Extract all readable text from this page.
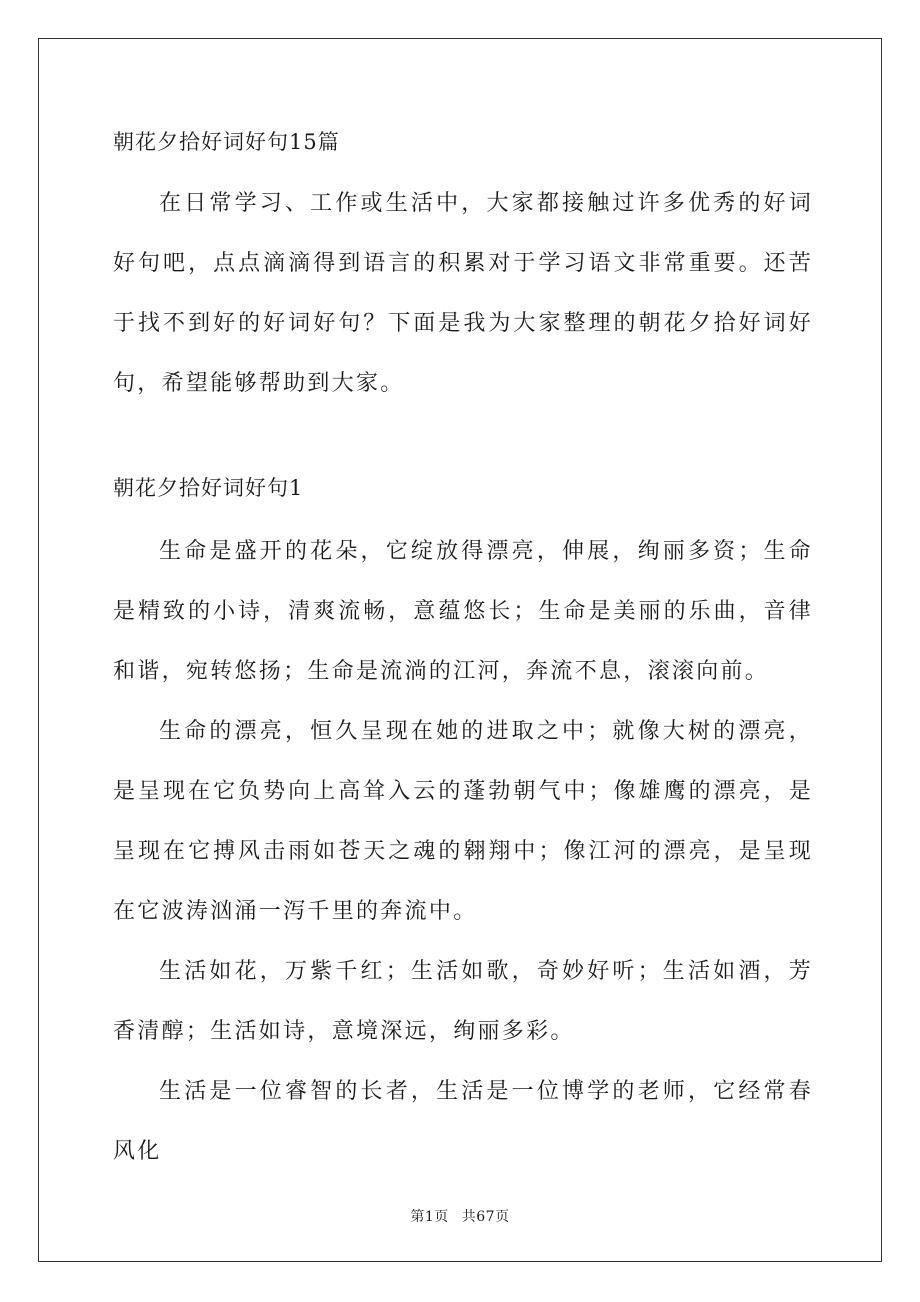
朝花夕拾好词好句15篇

在日常学习、工作或生活中，大家都接触过许多优秀的好词好句吧，点点滴滴得到语言的积累对于学习语文非常重要。还苦于找不到好的好词好句？下面是我为大家整理的朝花夕拾好词好句，希望能够帮助到大家。

朝花夕拾好词好句1

生命是盛开的花朵，它绽放得漂亮，伸展，绚丽多资；生命是精致的小诗，清爽流畅，意蕴悠长；生命是美丽的乐曲，音律和谐，宛转悠扬；生命是流淌的江河，奔流不息，滚滚向前。

生命的漂亮，恒久呈现在她的进取之中；就像大树的漂亮，是呈现在它负势向上高耸入云的蓬勃朝气中；像雄鹰的漂亮，是呈现在它搏风击雨如苍天之魂的翱翔中；像江河的漂亮，是呈现在它波涛汹涌一泻千里的奔流中。

生活如花，万紫千红；生活如歌，奇妙好听；生活如酒，芳香清醇；生活如诗，意境深远，绚丽多彩。

生活是一位睿智的长者，生活是一位博学的老师，它经常春风化

第1页 共67页
